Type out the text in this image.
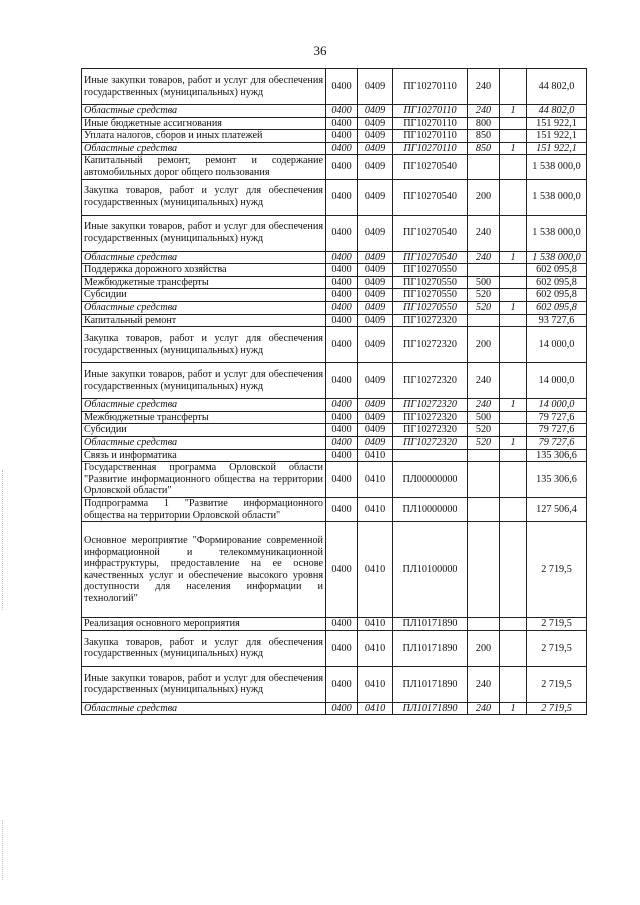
36
Иные закупки товаров, работ и услуг для обеспечения государственных (муниципальных) нужд	0400	0409	ПГ10270110	240		44 802,0
Областные средства	0400	0409	ПГ10270110	240	1	44 802,0
Иные бюджетные ассигнования	0400	0409	ПГ10270110	800		151 922,1
Уплата налогов, сборов и иных платежей	0400	0409	ПГ10270110	850		151 922,1
Областные средства	0400	0409	ПГ10270110	850	1	151 922,1
Капитальный ремонт, ремонт и содержание автомобильных дорог общего пользования	0400	0409	ПГ10270540			1 538 000,0
Закупка товаров, работ и услуг для обеспечения государственных (муниципальных) нужд	0400	0409	ПГ10270540	200		1 538 000,0
Иные закупки товаров, работ и услуг для обеспечения государственных (муниципальных) нужд	0400	0409	ПГ10270540	240		1 538 000,0
Областные средства	0400	0409	ПГ10270540	240	1	1 538 000,0
Поддержка дорожного хозяйства	0400	0409	ПГ10270550			602 095,8
Межбюджетные трансферты	0400	0409	ПГ10270550	500		602 095,8
Субсидии	0400	0409	ПГ10270550	520		602 095,8
Областные средства	0400	0409	ПГ10270550	520	1	602 095,8
Капитальный ремонт	0400	0409	ПГ10272320			93 727,6
Закупка товаров, работ и услуг для обеспечения государственных (муниципальных) нужд	0400	0409	ПГ10272320	200		14 000,0
Иные закупки товаров, работ и услуг для обеспечения государственных (муниципальных) нужд	0400	0409	ПГ10272320	240		14 000,0
Областные средства	0400	0409	ПГ10272320	240	1	14 000,0
Межбюджетные трансферты	0400	0409	ПГ10272320	500		79 727,6
Субсидии	0400	0409	ПГ10272320	520		79 727,6
Областные средства	0400	0409	ПГ10272320	520	1	79 727,6
Связь и информатика	0400	0410				135 306,6
Государственная программа Орловской области "Развитие информационного общества на территории Орловской области"	0400	0410	ПЛ00000000			135 306,6
Подпрограмма 1 "Развитие информационного общества на территории Орловской области"	0400	0410	ПЛ10000000			127 506,4
Основное мероприятие "Формирование современной информационной и телекоммуникационной инфраструктуры, предоставление на ее основе качественных услуг и обеспечение высокого уровня доступности для населения информации и технологий"	0400	0410	ПЛ10100000			2 719,5
Реализация основного мероприятия	0400	0410	ПЛ10171890			2 719,5
Закупка товаров, работ и услуг для обеспечения государственных (муниципальных) нужд	0400	0410	ПЛ10171890	200		2 719,5
Иные закупки товаров, работ и услуг для обеспечения государственных (муниципальных) нужд	0400	0410	ПЛ10171890	240		2 719,5
Областные средства	0400	0410	ПЛ10171890	240	1	2 719,5
